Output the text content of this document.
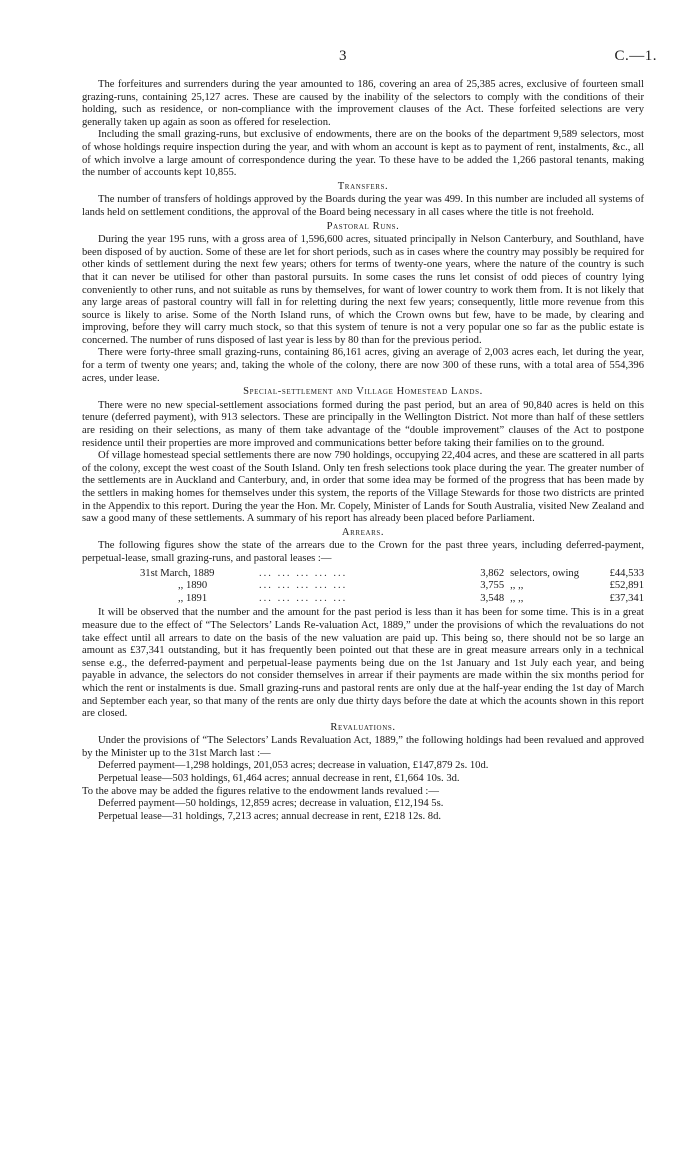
3	C.—1.

The forfeitures and surrenders during the year amounted to 186, covering an area of 25,385 acres, exclusive of fourteen small grazing-runs, containing 25,127 acres. These are caused by the inability of the selectors to comply with the conditions of their holding, such as residence, or non-compliance with the improvement clauses of the Act. These forfeited selections are very generally taken up again as soon as offered for reselection.

Including the small grazing-runs, but exclusive of endowments, there are on the books of the department 9,589 selectors, most of whose holdings require inspection during the year, and with whom an account is kept as to payment of rent, instalments, &c., all of which involve a large amount of correspondence during the year. To these have to be added the 1,266 pastoral tenants, making the number of accounts kept 10,855.

Transfers.

The number of transfers of holdings approved by the Boards during the year was 499. In this number are included all systems of lands held on settlement conditions, the approval of the Board being necessary in all cases where the title is not freehold.

Pastoral Runs.

During the year 195 runs, with a gross area of 1,596,600 acres, situated principally in Nelson Canterbury, and Southland, have been disposed of by auction. Some of these are let for short periods, such as in cases where the country may possibly be required for other kinds of settlement during the next few years; others for terms of twenty-one years, where the nature of the country is such that it can never be utilised for other than pastoral pursuits. In some cases the runs let consist of odd pieces of country lying conveniently to other runs, and not suitable as runs by themselves, for want of lower country to work them from. It is not likely that any large areas of pastoral country will fall in for reletting during the next few years; consequently, little more revenue from this source is likely to arise. Some of the North Island runs, of which the Crown owns but few, have to be made, by clearing and improving, before they will carry much stock, so that this system of tenure is not a very popular one so far as the public estate is concerned. The number of runs disposed of last year is less by 80 than for the previous period.

There were forty-three small grazing-runs, containing 86,161 acres, giving an average of 2,003 acres each, let during the year, for a term of twenty one years; and, taking the whole of the colony, there are now 300 of these runs, with a total area of 554,396 acres, under lease.

Special-settlement and Village Homestead Lands.

There were no new special-settlement associations formed during the past period, but an area of 90,840 acres is held on this tenure (deferred payment), with 913 selectors. These are principally in the Wellington District. Not more than half of these settlers are residing on their selections, as many of them take advantage of the “double improvement” clauses of the Act to postpone residence until their properties are more improved and communications better before taking their families on to the ground.

Of village homestead special settlements there are now 790 holdings, occupying 22,404 acres, and these are scattered in all parts of the colony, except the west coast of the South Island. Only ten fresh selections took place during the year. The greater number of the settlements are in Auckland and Canterbury, and, in order that some idea may be formed of the progress that has been made by the settlers in making homes for themselves under this system, the reports of the Village Stewards for those two districts are printed in the Appendix to this report. During the year the Hon. Mr. Copely, Minister of Lands for South Australia, visited New Zealand and saw a good many of these settlements. A summary of his report has already been placed before Parliament.

Arrears.

The following figures show the state of the arrears due to the Crown for the past three years, including deferred-payment, perpetual-lease, small grazing-runs, and pastoral leases :—

31st March, 1889	... ... ... ... ...	3,862	selectors, owing	£44,533
,, 1890	... ... ... ... ...	3,755	,, ,,	£52,891
,, 1891	... ... ... ... ...	3,548	,, ,,	£37,341

It will be observed that the number and the amount for the past period is less than it has been for some time. This is in a great measure due to the effect of “The Selectors’ Lands Re-valuation Act, 1889,” under the provisions of which the revaluations do not take effect until all arrears to date on the basis of the new valuation are paid up. This being so, there should not be so large an amount as £37,341 outstanding, but it has frequently been pointed out that these are in great measure arrears only in a technical sense e.g., the deferred-payment and perpetual-lease payments being due on the 1st January and 1st July each year, and being payable in advance, the selectors do not consider themselves in arrear if their payments are made within the six months period for which the rent or instalments is due. Small grazing-runs and pastoral rents are only due at the half-year ending the 1st day of March and September each year, so that many of the rents are only due thirty days before the date at which the acounts shown in this report are closed.

Revaluations.

Under the provisions of “The Selectors’ Lands Revaluation Act, 1889,” the following holdings had been revalued and approved by the Minister up to the 31st March last :—

Deferred payment—1,298 holdings, 201,053 acres; decrease in valuation, £147,879 2s. 10d.

Perpetual lease—503 holdings, 61,464 acres; annual decrease in rent, £1,664 10s. 3d.

To the above may be added the figures relative to the endowment lands revalued :—

Deferred payment—50 holdings, 12,859 acres; decrease in valuation, £12,194 5s.

Perpetual lease—31 holdings, 7,213 acres; annual decrease in rent, £218 12s. 8d.
